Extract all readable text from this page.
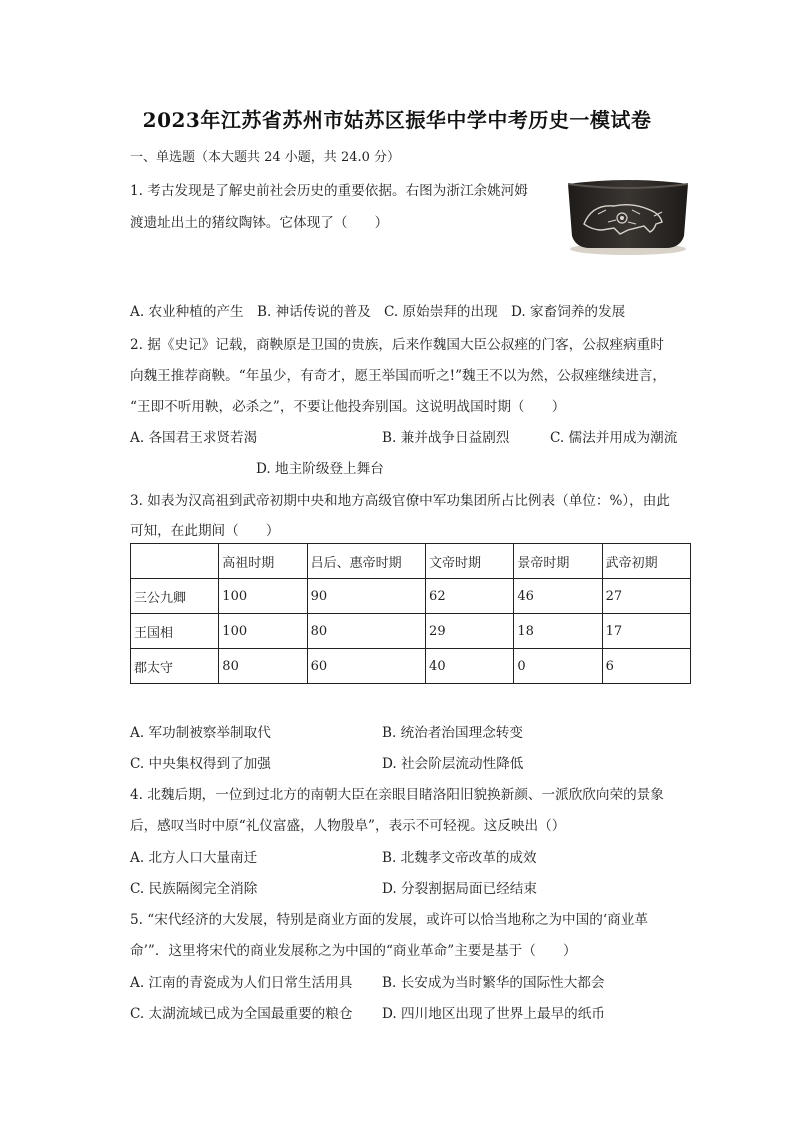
2023年江苏省苏州市姑苏区振华中学中考历史一模试卷
一、单选题（本大题共 24 小题，共 24.0 分）
1. 考古发现是了解史前社会历史的重要依据。右图为浙江余姚河姆
渡遗址出土的猪纹陶钵。它体现了（　　）
A. 农业种植的产生 B. 神话传说的普及 C. 原始崇拜的出现 D. 家畜饲养的发展
2. 据《史记》记载，商鞅原是卫国的贵族，后来作魏国大臣公叔痤的门客，公叔痤病重时
向魏王推荐商鞅。“年虽少，有奇才，愿王举国而听之!”魏王不以为然，公叔痤继续进言，
“王即不听用鞅，必杀之”，不要让他投奔别国。这说明战国时期（　　）
A. 各国君王求贤若渴	B. 兼并战争日益剧烈	C. 儒法并用成为潮流
D. 地主阶级登上舞台
3. 如表为汉高祖到武帝初期中央和地方高级官僚中军功集团所占比例表（单位：%），由此
可知，在此期间（　　）
	高祖时期	吕后、惠帝时期	文帝时期	景帝时期	武帝初期
三公九卿	100	90	62	46	27
王国相	100	80	29	18	17
郡太守	80	60	40	0	6
A. 军功制被察举制取代	B. 统治者治国理念转变
C. 中央集权得到了加强	D. 社会阶层流动性降低
4. 北魏后期，一位到过北方的南朝大臣在亲眼目睹洛阳旧貌换新颜、一派欣欣向荣的景象
后，感叹当时中原“礼仪富盛，人物殷阜”，表示不可轻视。这反映出（）
A. 北方人口大量南迁	B. 北魏孝文帝改革的成效
C. 民族隔阂完全消除	D. 分裂割据局面已经结束
5. “宋代经济的大发展，特别是商业方面的发展，或许可以恰当地称之为中国的‘商业革
命’”．这里将宋代的商业发展称之为中国的“商业革命”主要是基于（　　）
A. 江南的青瓷成为人们日常生活用具 B. 长安成为当时繁华的国际性大都会
C. 太湖流域已成为全国最重要的粮仓 D. 四川地区出现了世界上最早的纸币
